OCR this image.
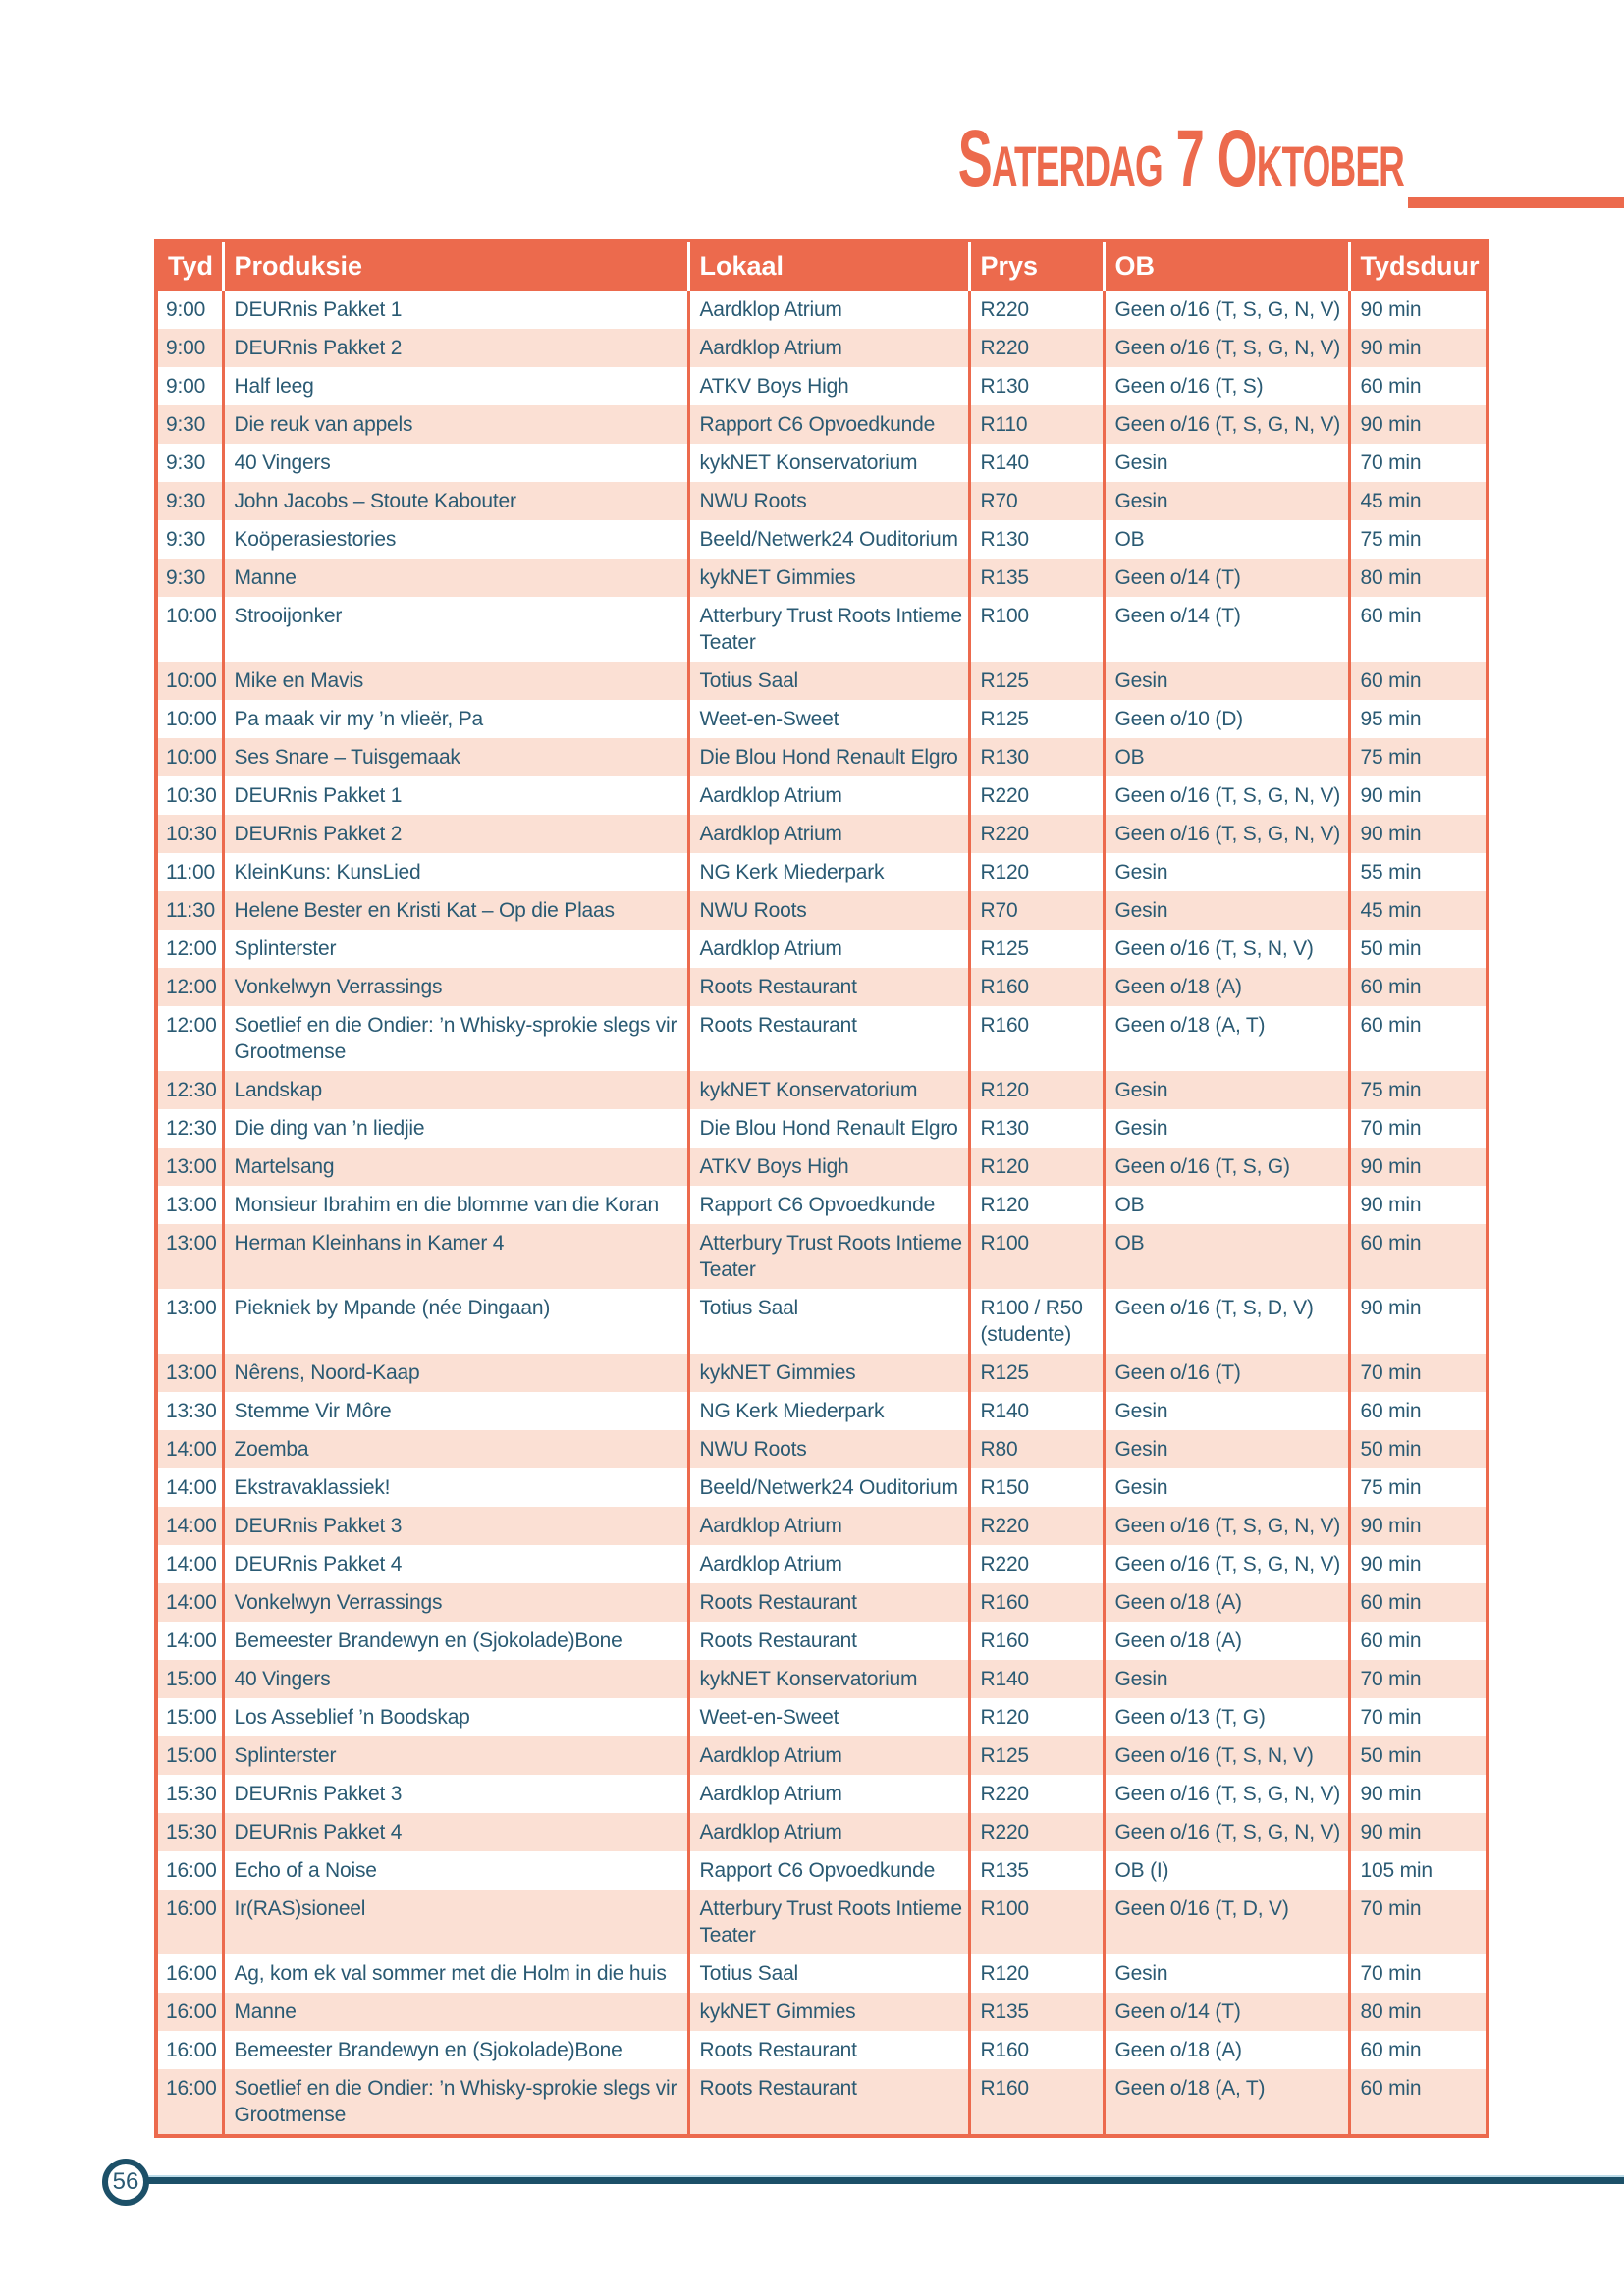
Saterdag 7 Oktober
Tyd	Produksie	Lokaal	Prys	OB	Tydsduur
9:00	DEURnis Pakket 1	Aardklop Atrium	R220	Geen o/16 (T, S, G, N, V)	90 min
9:00	DEURnis Pakket 2	Aardklop Atrium	R220	Geen o/16 (T, S, G, N, V)	90 min
9:00	Half leeg	ATKV Boys High	R130	Geen o/16 (T, S)	60 min
9:30	Die reuk van appels	Rapport C6 Opvoedkunde	R110	Geen o/16 (T, S, G, N, V)	90 min
9:30	40 Vingers	kykNET Konservatorium	R140	Gesin	70 min
9:30	John Jacobs – Stoute Kabouter	NWU Roots	R70	Gesin	45 min
9:30	Koöperasiestories	Beeld/Netwerk24 Ouditorium	R130	OB	75 min
9:30	Manne	kykNET Gimmies	R135	Geen o/14 (T)	80 min
10:00	Strooijonker	Atterbury Trust Roots Intieme Teater	R100	Geen o/14 (T)	60 min
10:00	Mike en Mavis	Totius Saal	R125	Gesin	60 min
10:00	Pa maak vir my ’n vlieër, Pa	Weet-en-Sweet	R125	Geen o/10 (D)	95 min
10:00	Ses Snare – Tuisgemaak	Die Blou Hond Renault Elgro	R130	OB	75 min
10:30	DEURnis Pakket 1	Aardklop Atrium	R220	Geen o/16 (T, S, G, N, V)	90 min
10:30	DEURnis Pakket 2	Aardklop Atrium	R220	Geen o/16 (T, S, G, N, V)	90 min
11:00	KleinKuns: KunsLied	NG Kerk Miederpark	R120	Gesin	55 min
11:30	Helene Bester en Kristi Kat – Op die Plaas	NWU Roots	R70	Gesin	45 min
12:00	Splinterster	Aardklop Atrium	R125	Geen o/16 (T, S, N, V)	50 min
12:00	Vonkelwyn Verrassings	Roots Restaurant	R160	Geen o/18 (A)	60 min
12:00	Soetlief en die Ondier: ’n Whisky-sprokie slegs vir Grootmense	Roots Restaurant	R160	Geen o/18 (A, T)	60 min
12:30	Landskap	kykNET Konservatorium	R120	Gesin	75 min
12:30	Die ding van ’n liedjie	Die Blou Hond Renault Elgro	R130	Gesin	70 min
13:00	Martelsang	ATKV Boys High	R120	Geen o/16 (T, S, G)	90 min
13:00	Monsieur Ibrahim en die blomme van die Koran	Rapport C6 Opvoedkunde	R120	OB	90 min
13:00	Herman Kleinhans in Kamer 4	Atterbury Trust Roots Intieme Teater	R100	OB	60 min
13:00	Piekniek by Mpande (née Dingaan)	Totius Saal	R100 / R50 (studente)	Geen o/16 (T, S, D, V)	90 min
13:00	Nêrens, Noord-Kaap	kykNET Gimmies	R125	Geen o/16 (T)	70 min
13:30	Stemme Vir Môre	NG Kerk Miederpark	R140	Gesin	60 min
14:00	Zoemba	NWU Roots	R80	Gesin	50 min
14:00	Ekstravaklassiek!	Beeld/Netwerk24 Ouditorium	R150	Gesin	75 min
14:00	DEURnis Pakket 3	Aardklop Atrium	R220	Geen o/16 (T, S, G, N, V)	90 min
14:00	DEURnis Pakket 4	Aardklop Atrium	R220	Geen o/16 (T, S, G, N, V)	90 min
14:00	Vonkelwyn Verrassings	Roots Restaurant	R160	Geen o/18 (A)	60 min
14:00	Bemeester Brandewyn en (Sjokolade)Bone	Roots Restaurant	R160	Geen o/18 (A)	60 min
15:00	40 Vingers	kykNET Konservatorium	R140	Gesin	70 min
15:00	Los Asseblief ’n Boodskap	Weet-en-Sweet	R120	Geen o/13 (T, G)	70 min
15:00	Splinterster	Aardklop Atrium	R125	Geen o/16 (T, S, N, V)	50 min
15:30	DEURnis Pakket 3	Aardklop Atrium	R220	Geen o/16 (T, S, G, N, V)	90 min
15:30	DEURnis Pakket 4	Aardklop Atrium	R220	Geen o/16 (T, S, G, N, V)	90 min
16:00	Echo of a Noise	Rapport C6 Opvoedkunde	R135	OB (I)	105 min
16:00	Ir(RAS)sioneel	Atterbury Trust Roots Intieme Teater	R100	Geen 0/16 (T, D, V)	70 min
16:00	Ag, kom ek val sommer met die Holm in die huis	Totius Saal	R120	Gesin	70 min
16:00	Manne	kykNET Gimmies	R135	Geen o/14 (T)	80 min
16:00	Bemeester Brandewyn en (Sjokolade)Bone	Roots Restaurant	R160	Geen o/18 (A)	60 min
16:00	Soetlief en die Ondier: ’n Whisky-sprokie slegs vir Grootmense	Roots Restaurant	R160	Geen o/18 (A, T)	60 min
56
